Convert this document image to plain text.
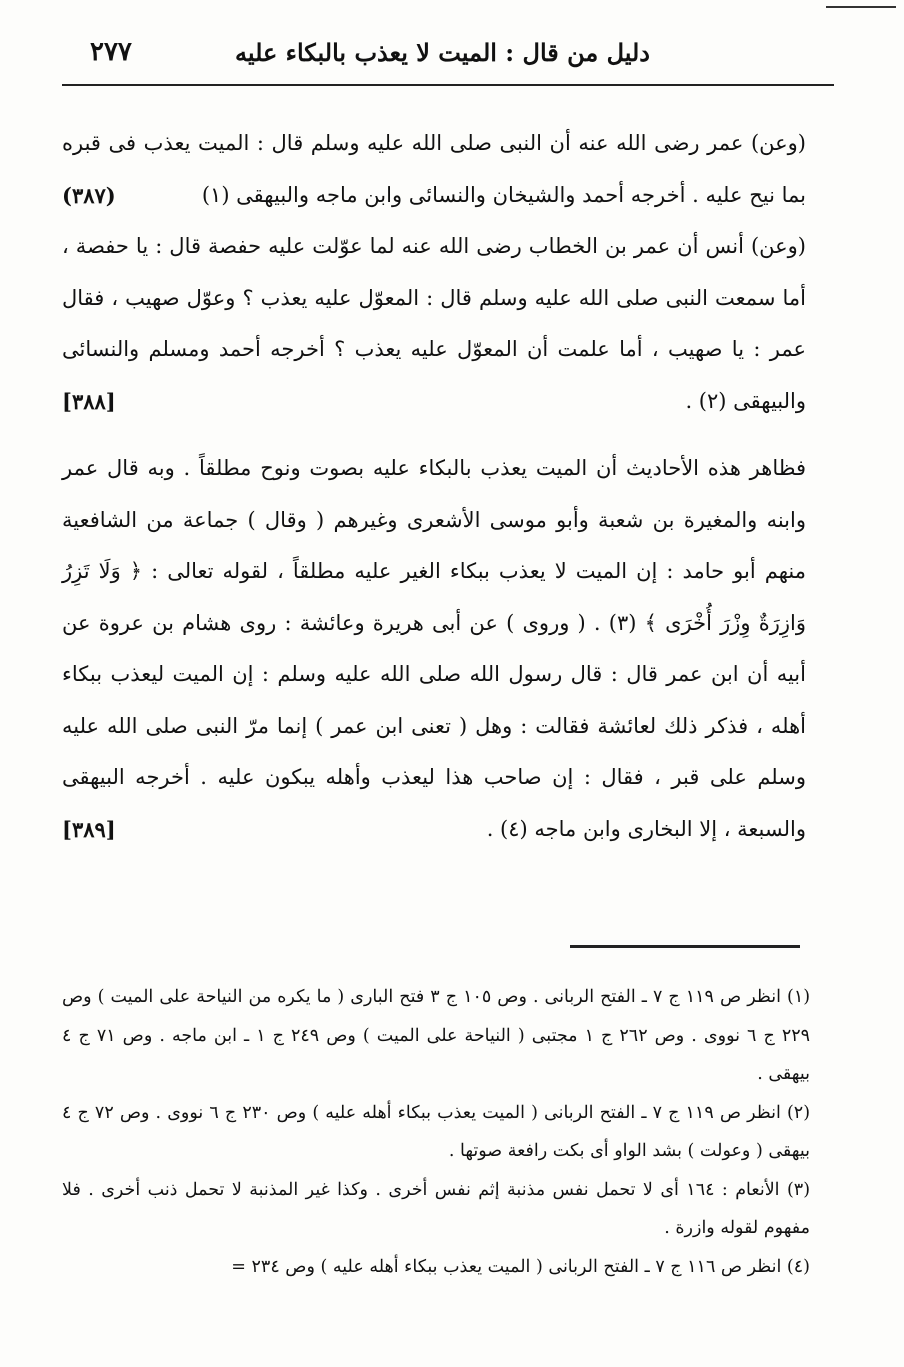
دليل من قال : الميت لا يعذب بالبكاء عليه
٢٧٧

(وعن) عمر رضى الله عنه أن النبى صلى الله عليه وسلم قال : الميت يعذب فى قبره بما نيح عليه . أخرجه أحمد والشيخان والنسائى وابن ماجه والبيهقى (١)
(٣٨٧)

(وعن) أنس أن عمر بن الخطاب رضى الله عنه لما عوّلت عليه حفصة قال : يا حفصة ، أما سمعت النبى صلى الله عليه وسلم قال : المعوّل عليه يعذب ؟ وعوّل صهيب ، فقال عمر : يا صهيب ، أما علمت أن المعوّل عليه يعذب ؟ أخرجه أحمد ومسلم والنسائى والبيهقى (٢) .
[٣٨٨]

فظاهر هذه الأحاديث أن الميت يعذب بالبكاء عليه بصوت ونوح مطلقاً . وبه قال عمر وابنه والمغيرة بن شعبة وأبو موسى الأشعرى وغيرهم ( وقال ) جماعة من الشافعية منهم أبو حامد : إن الميت لا يعذب ببكاء الغير عليه مطلقاً ، لقوله تعالى : ﴿ وَلَا تَزِرُ وَازِرَةٌ وِزْرَ أُخْرَى ﴾ (٣) . ( وروى ) عن أبى هريرة وعائشة : روى هشام بن عروة عن أبيه أن ابن عمر قال : قال رسول الله صلى الله عليه وسلم : إن الميت ليعذب ببكاء أهله ، فذكر ذلك لعائشة فقالت : وهل ( تعنى ابن عمر ) إنما مرّ النبى صلى الله عليه وسلم على قبر ، فقال : إن صاحب هذا ليعذب وأهله يبكون عليه . أخرجه البيهقى والسبعة ، إلا البخارى وابن ماجه (٤) .
[٣٨٩]

(١) انظر ص ١١٩ ج ٧ ـ الفتح الربانى . وص ١٠٥ ج ٣ فتح البارى ( ما يكره من النياحة على الميت ) وص ٢٢٩ ج ٦ نووى . وص ٢٦٢ ج ١ مجتبى ( النياحة على الميت ) وص ٢٤٩ ج ١ ـ ابن ماجه . وص ٧١ ج ٤ بيهقى .

(٢) انظر ص ١١٩ ج ٧ ـ الفتح الربانى ( الميت يعذب ببكاء أهله عليه ) وص ٢٣٠ ج ٦ نووى . وص ٧٢ ج ٤ بيهقى ( وعولت ) بشد الواو أى بكت رافعة صوتها .

(٣) الأنعام : ١٦٤ أى لا تحمل نفس مذنبة إثم نفس أخرى . وكذا غير المذنبة لا تحمل ذنب أخرى . فلا مفهوم لقوله وازرة .

(٤) انظر ص ١١٦ ج ٧ ـ الفتح الربانى ( الميت يعذب ببكاء أهله عليه ) وص ٢٣٤ =
